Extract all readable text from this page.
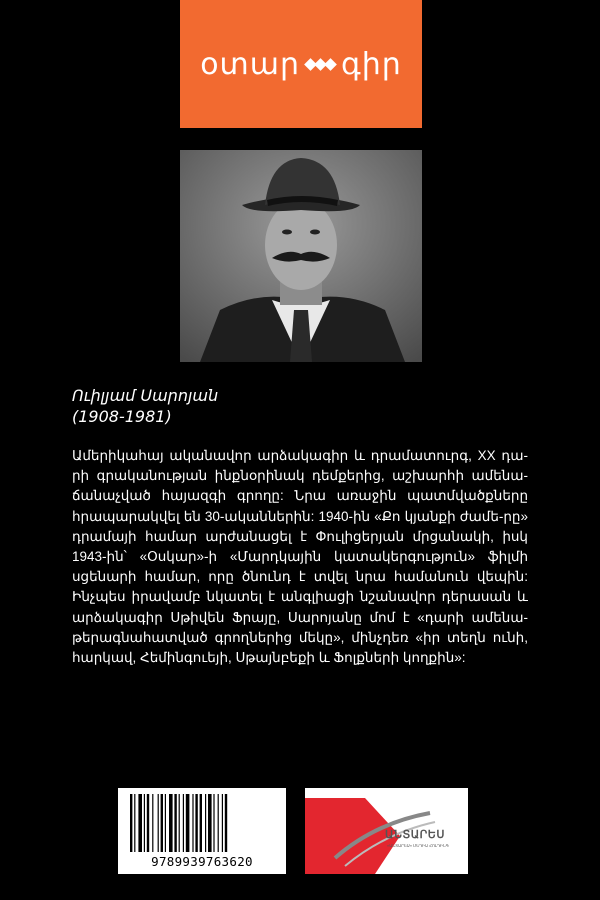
օտար գիր
Ուիլյամ Սարոյան
(1908-1981)
Ամերիկահայ ականավոր արձակագիր և դրամատուրգ, XX դա-րի գրականության ինքնօրինակ դեմքերից, աշխարհի ամենա-ճանաչված հայազգի գրողը: Նրա առաջին պատմվածքները հրապարակվել են 30-ականներին: 1940-ին «Քո կյանքի ժամե-րը» դրամայի համար արժանացել է Փուլիցերյան մրցանակի, իսկ 1943-ին՝ «Օսկար»-ի «Մարդկային կատակերգություն» ֆիլմի սցենարի համար, որը ծնունդ է տվել նրա համանուն վեպին: Ինչպես իրավամբ նկատել է անգլիացի նշանավոր դերասան և արձակագիր Սթիվեն Ֆրայը, Սարոյանը մոմ է «դարի ամենա-թերագնահատված գրողներից մեկը», մինչդեռ «իր տեղն ունի, հարկավ, Հեմինգուեյի, Սթայնբեքի և Ֆոլքների կողքին»:
9789939763620
ԱՆՏԱՐԵՍ
«ԱՆՏԱՐԵՍ» ՄԵԴԻԱ ՀՈԼԴԻՆԳ
